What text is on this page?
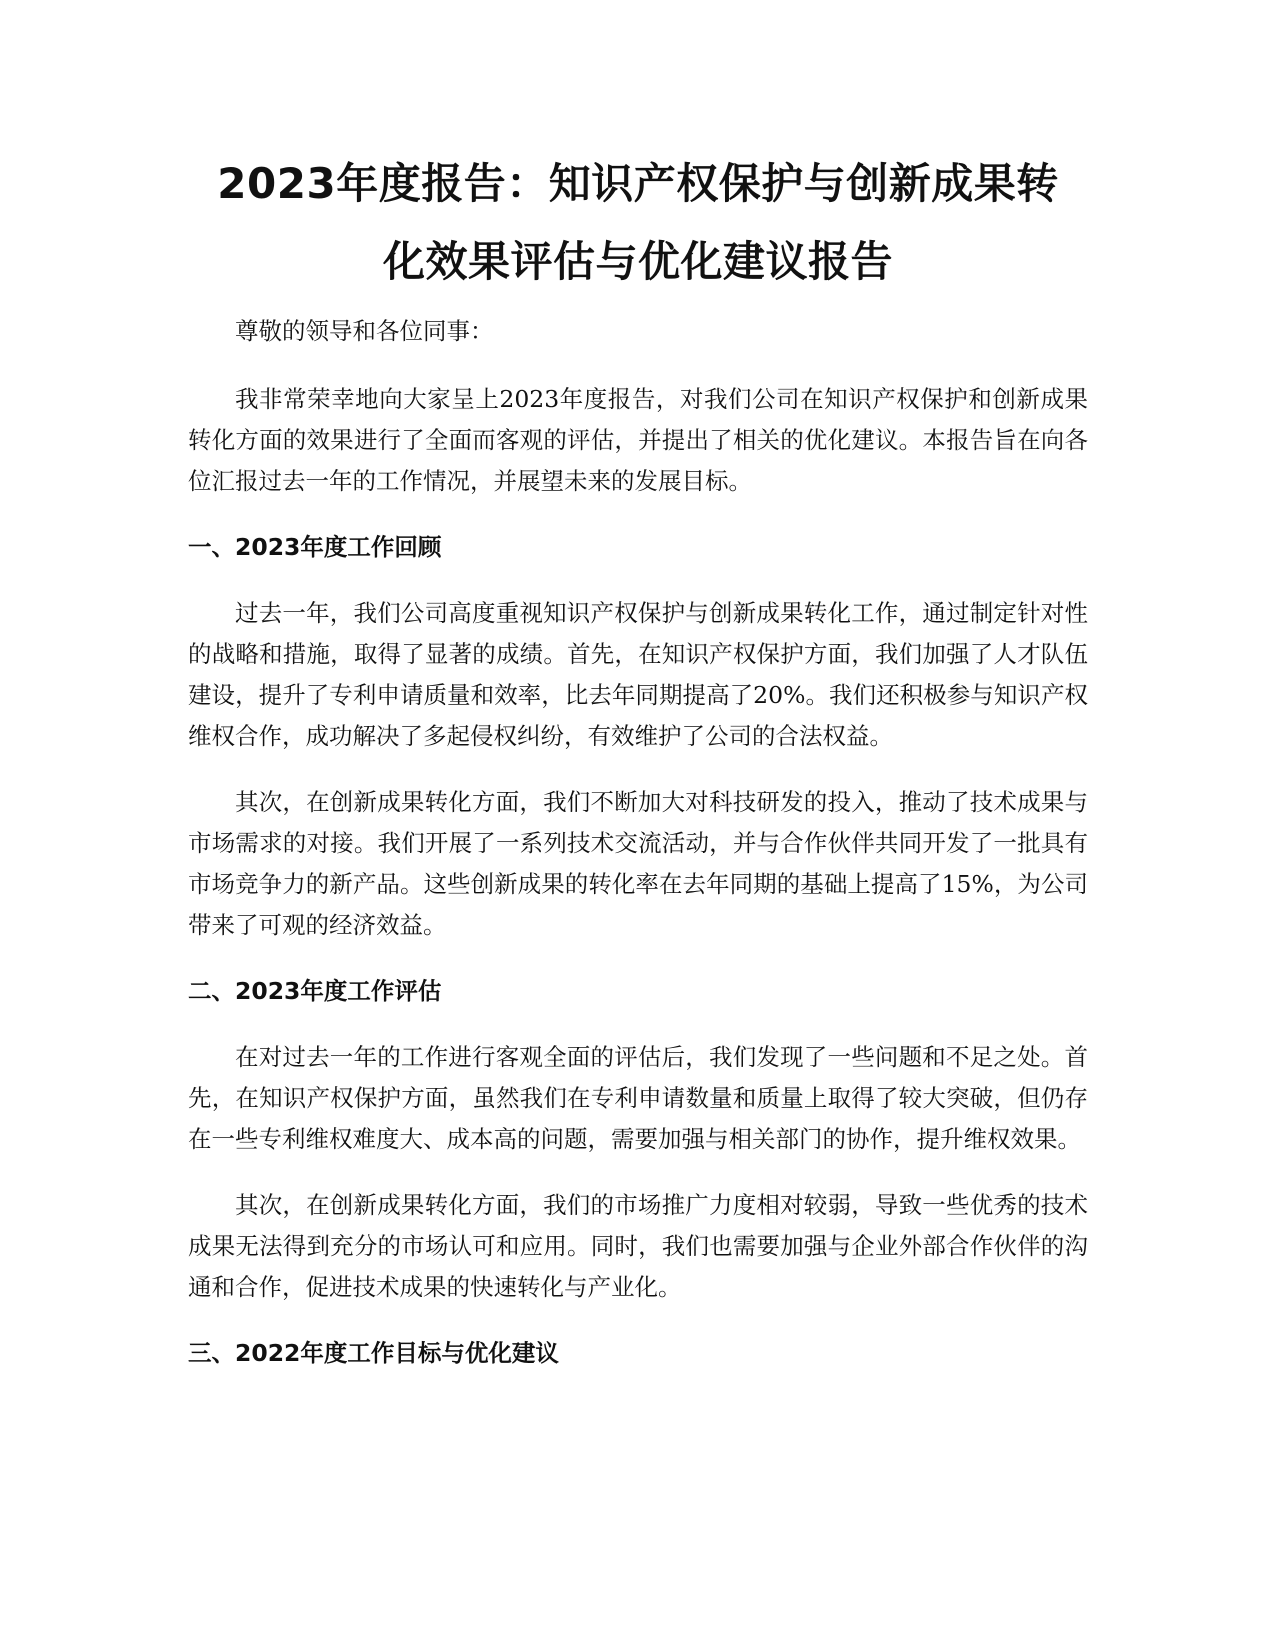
2023年度报告：知识产权保护与创新成果转
化效果评估与优化建议报告

尊敬的领导和各位同事：

我非常荣幸地向大家呈上2023年度报告，对我们公司在知识产权保护和创新成果转化方面的效果进行了全面而客观的评估，并提出了相关的优化建议。本报告旨在向各位汇报过去一年的工作情况，并展望未来的发展目标。

一、2023年度工作回顾

过去一年，我们公司高度重视知识产权保护与创新成果转化工作，通过制定针对性的战略和措施，取得了显著的成绩。首先，在知识产权保护方面，我们加强了人才队伍建设，提升了专利申请质量和效率，比去年同期提高了20%。我们还积极参与知识产权维权合作，成功解决了多起侵权纠纷，有效维护了公司的合法权益。

其次，在创新成果转化方面，我们不断加大对科技研发的投入，推动了技术成果与市场需求的对接。我们开展了一系列技术交流活动，并与合作伙伴共同开发了一批具有市场竞争力的新产品。这些创新成果的转化率在去年同期的基础上提高了15%，为公司带来了可观的经济效益。

二、2023年度工作评估

在对过去一年的工作进行客观全面的评估后，我们发现了一些问题和不足之处。首先，在知识产权保护方面，虽然我们在专利申请数量和质量上取得了较大突破，但仍存在一些专利维权难度大、成本高的问题，需要加强与相关部门的协作，提升维权效果。

其次，在创新成果转化方面，我们的市场推广力度相对较弱，导致一些优秀的技术成果无法得到充分的市场认可和应用。同时，我们也需要加强与企业外部合作伙伴的沟通和合作，促进技术成果的快速转化与产业化。

三、2022年度工作目标与优化建议
